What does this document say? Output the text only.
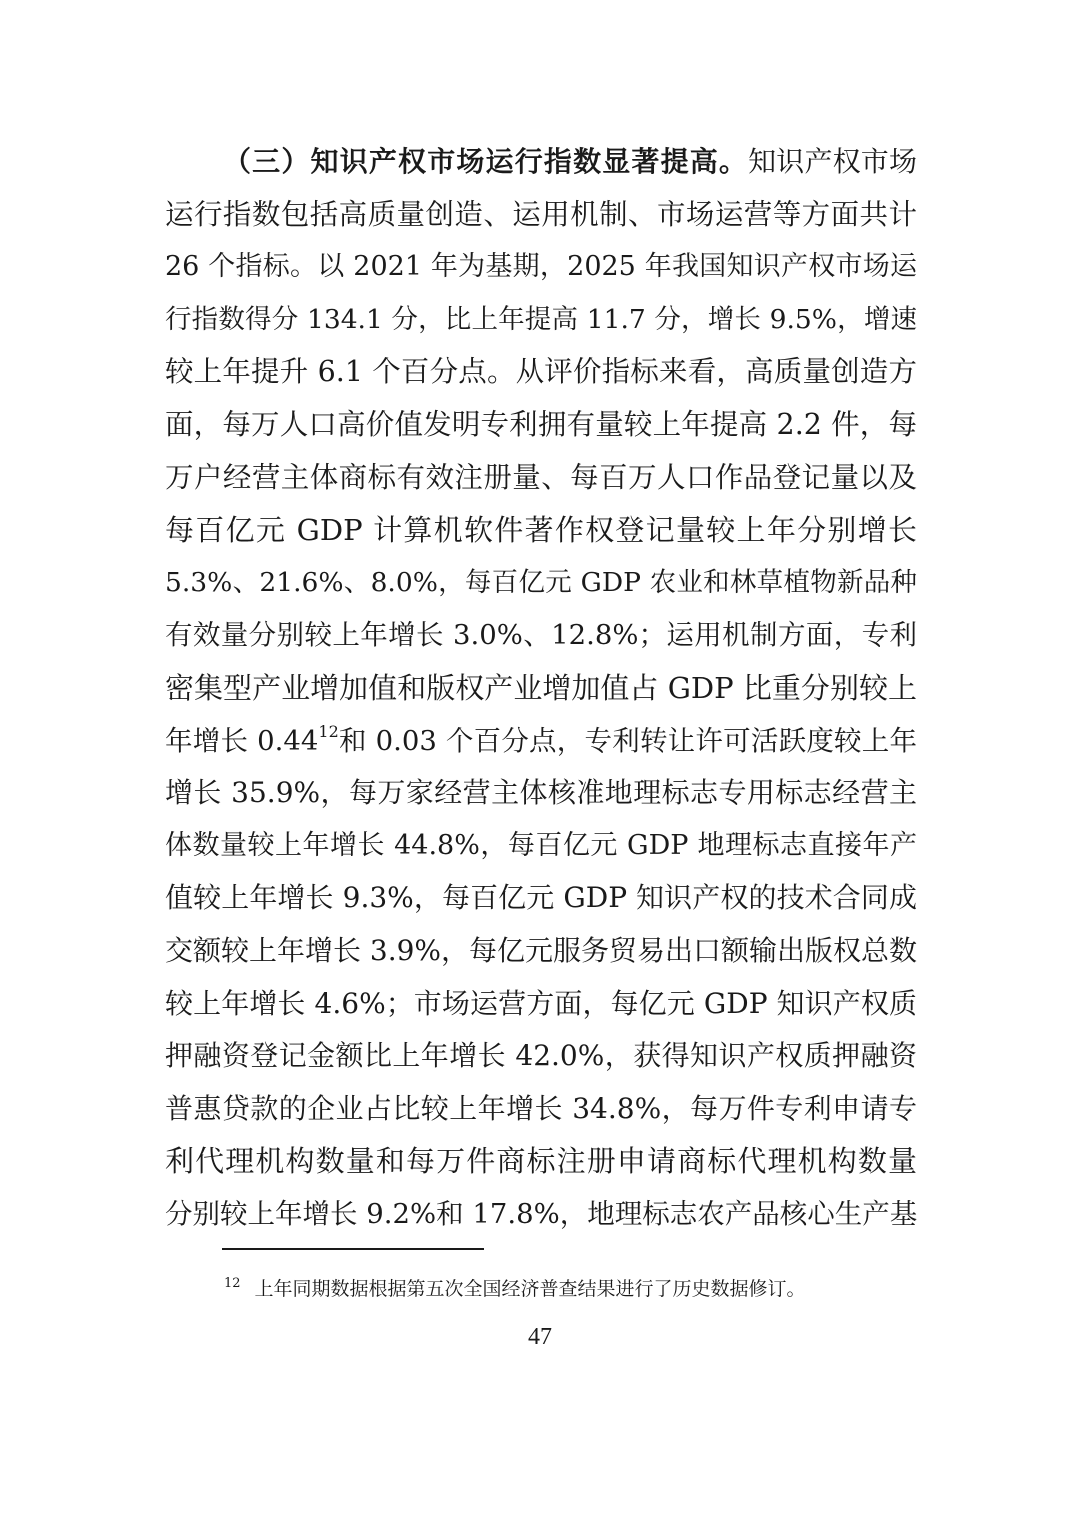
（三）知识产权市场运行指数显著提高。知识产权市场
运行指数包括高质量创造、运用机制、市场运营等方面共计
26 个指标。以 2021 年为基期，2025 年我国知识产权市场运
行指数得分 134.1 分，比上年提高 11.7 分，增长 9.5%，增速
较上年提升 6.1 个百分点。从评价指标来看，高质量创造方
面，每万人口高价值发明专利拥有量较上年提高 2.2 件，每
万户经营主体商标有效注册量、每百万人口作品登记量以及
每百亿元 GDP 计算机软件著作权登记量较上年分别增长
5.3%、21.6%、8.0%，每百亿元 GDP 农业和林草植物新品种
有效量分别较上年增长 3.0%、12.8%；运用机制方面，专利
密集型产业增加值和版权产业增加值占 GDP 比重分别较上
年增长 0.44$^{12}$和 0.03 个百分点，专利转让许可活跃度较上年
增长 35.9%，每万家经营主体核准地理标志专用标志经营主
体数量较上年增长 44.8%，每百亿元 GDP 地理标志直接年产
值较上年增长 9.3%，每百亿元 GDP 知识产权的技术合同成
交额较上年增长 3.9%，每亿元服务贸易出口额输出版权总数
较上年增长 4.6%；市场运营方面，每亿元 GDP 知识产权质
押融资登记金额比上年增长 42.0%，获得知识产权质押融资
普惠贷款的企业占比较上年增长 34.8%，每万件专利申请专
利代理机构数量和每万件商标注册申请商标代理机构数量
分别较上年增长 9.2%和 17.8%，地理标志农产品核心生产基
$^{12}$ 上年同期数据根据第五次全国经济普查结果进行了历史数据修订。
47
